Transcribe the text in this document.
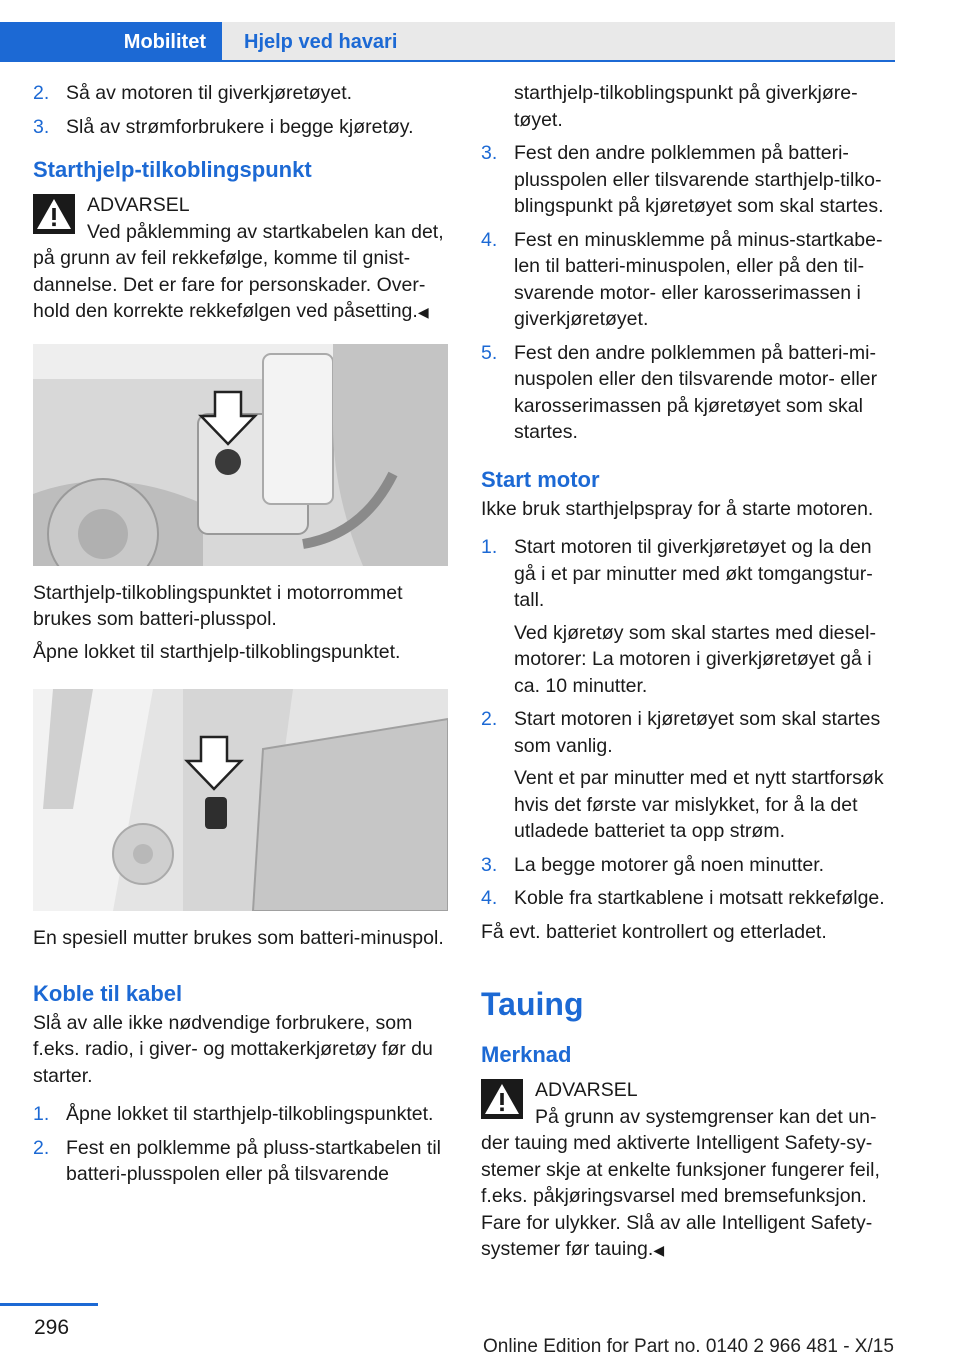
Mobilitet Hjelp ved havari
2. Så av motoren til giverkjøretøyet.
3. Slå av strømforbrukere i begge kjøretøy.
Starthjelp-tilkoblingspunkt
ADVARSEL
Ved påklemming av startkabelen kan det, på grunn av feil rekkefølge, komme til gnistdannelse. Det er fare for personskader. Overhold den korrekte rekkefølgen ved påsetting.◀

Starthjelp-tilkoblingspunktet i motorrommet brukes som batteri-plusspol.

Åpne lokket til starthjelp-tilkoblingspunktet.

En spesiell mutter brukes som batteri-minuspol.

Koble til kabel

Slå av alle ikke nødvendige forbrukere, som f.eks. radio, i giver- og mottakerkjøretøy før du starter.

1. Åpne lokket til starthjelp-tilkoblingspunktet.
2. Fest en polklemme på pluss-startkabelen til batteri-plusspolen eller på tilsvarende
starthjelp-tilkoblingspunkt på giverkjøretøyet.
3. Fest den andre polklemmen på batteri-plusspolen eller tilsvarende starthjelp-tilkoblingspunkt på kjøretøyet som skal startes.
4. Fest en minusklemme på minus-startkabelen til batteri-minuspolen, eller på den tilsvarende motor- eller karosserimassen i giverkjøretøyet.
5. Fest den andre polklemmen på batteri-minuspolen eller den tilsvarende motor- eller karosserimassen på kjøretøyet som skal startes.
Start motor

Ikke bruk starthjelpspray for å starte motoren.

1. Start motoren til giverkjøretøyet og la den gå i et par minutter med økt tomgangsturtall.
Ved kjøretøy som skal startes med dieselmotorer: La motoren i giverkjøretøyet gå i ca. 10 minutter.
2. Start motoren i kjøretøyet som skal startes som vanlig.
Vent et par minutter med et nytt startforsøk hvis det første var mislykket, for å la det utladede batteriet ta opp strøm.
3. La begge motorer gå noen minutter.
4. Koble fra startkablene i motsatt rekkefølge.

Få evt. batteriet kontrollert og etterladet.

Tauing
Merknad
ADVARSEL
På grunn av systemgrenser kan det under tauing med aktiverte Intelligent Safety-systemer skje at enkelte funksjoner fungerer feil, f.eks. påkjøringsvarsel med bremsefunksjon. Fare for ulykker. Slå av alle Intelligent Safety-systemer før tauing.◀
296
Online Edition for Part no. 0140 2 966 481 - X/15
